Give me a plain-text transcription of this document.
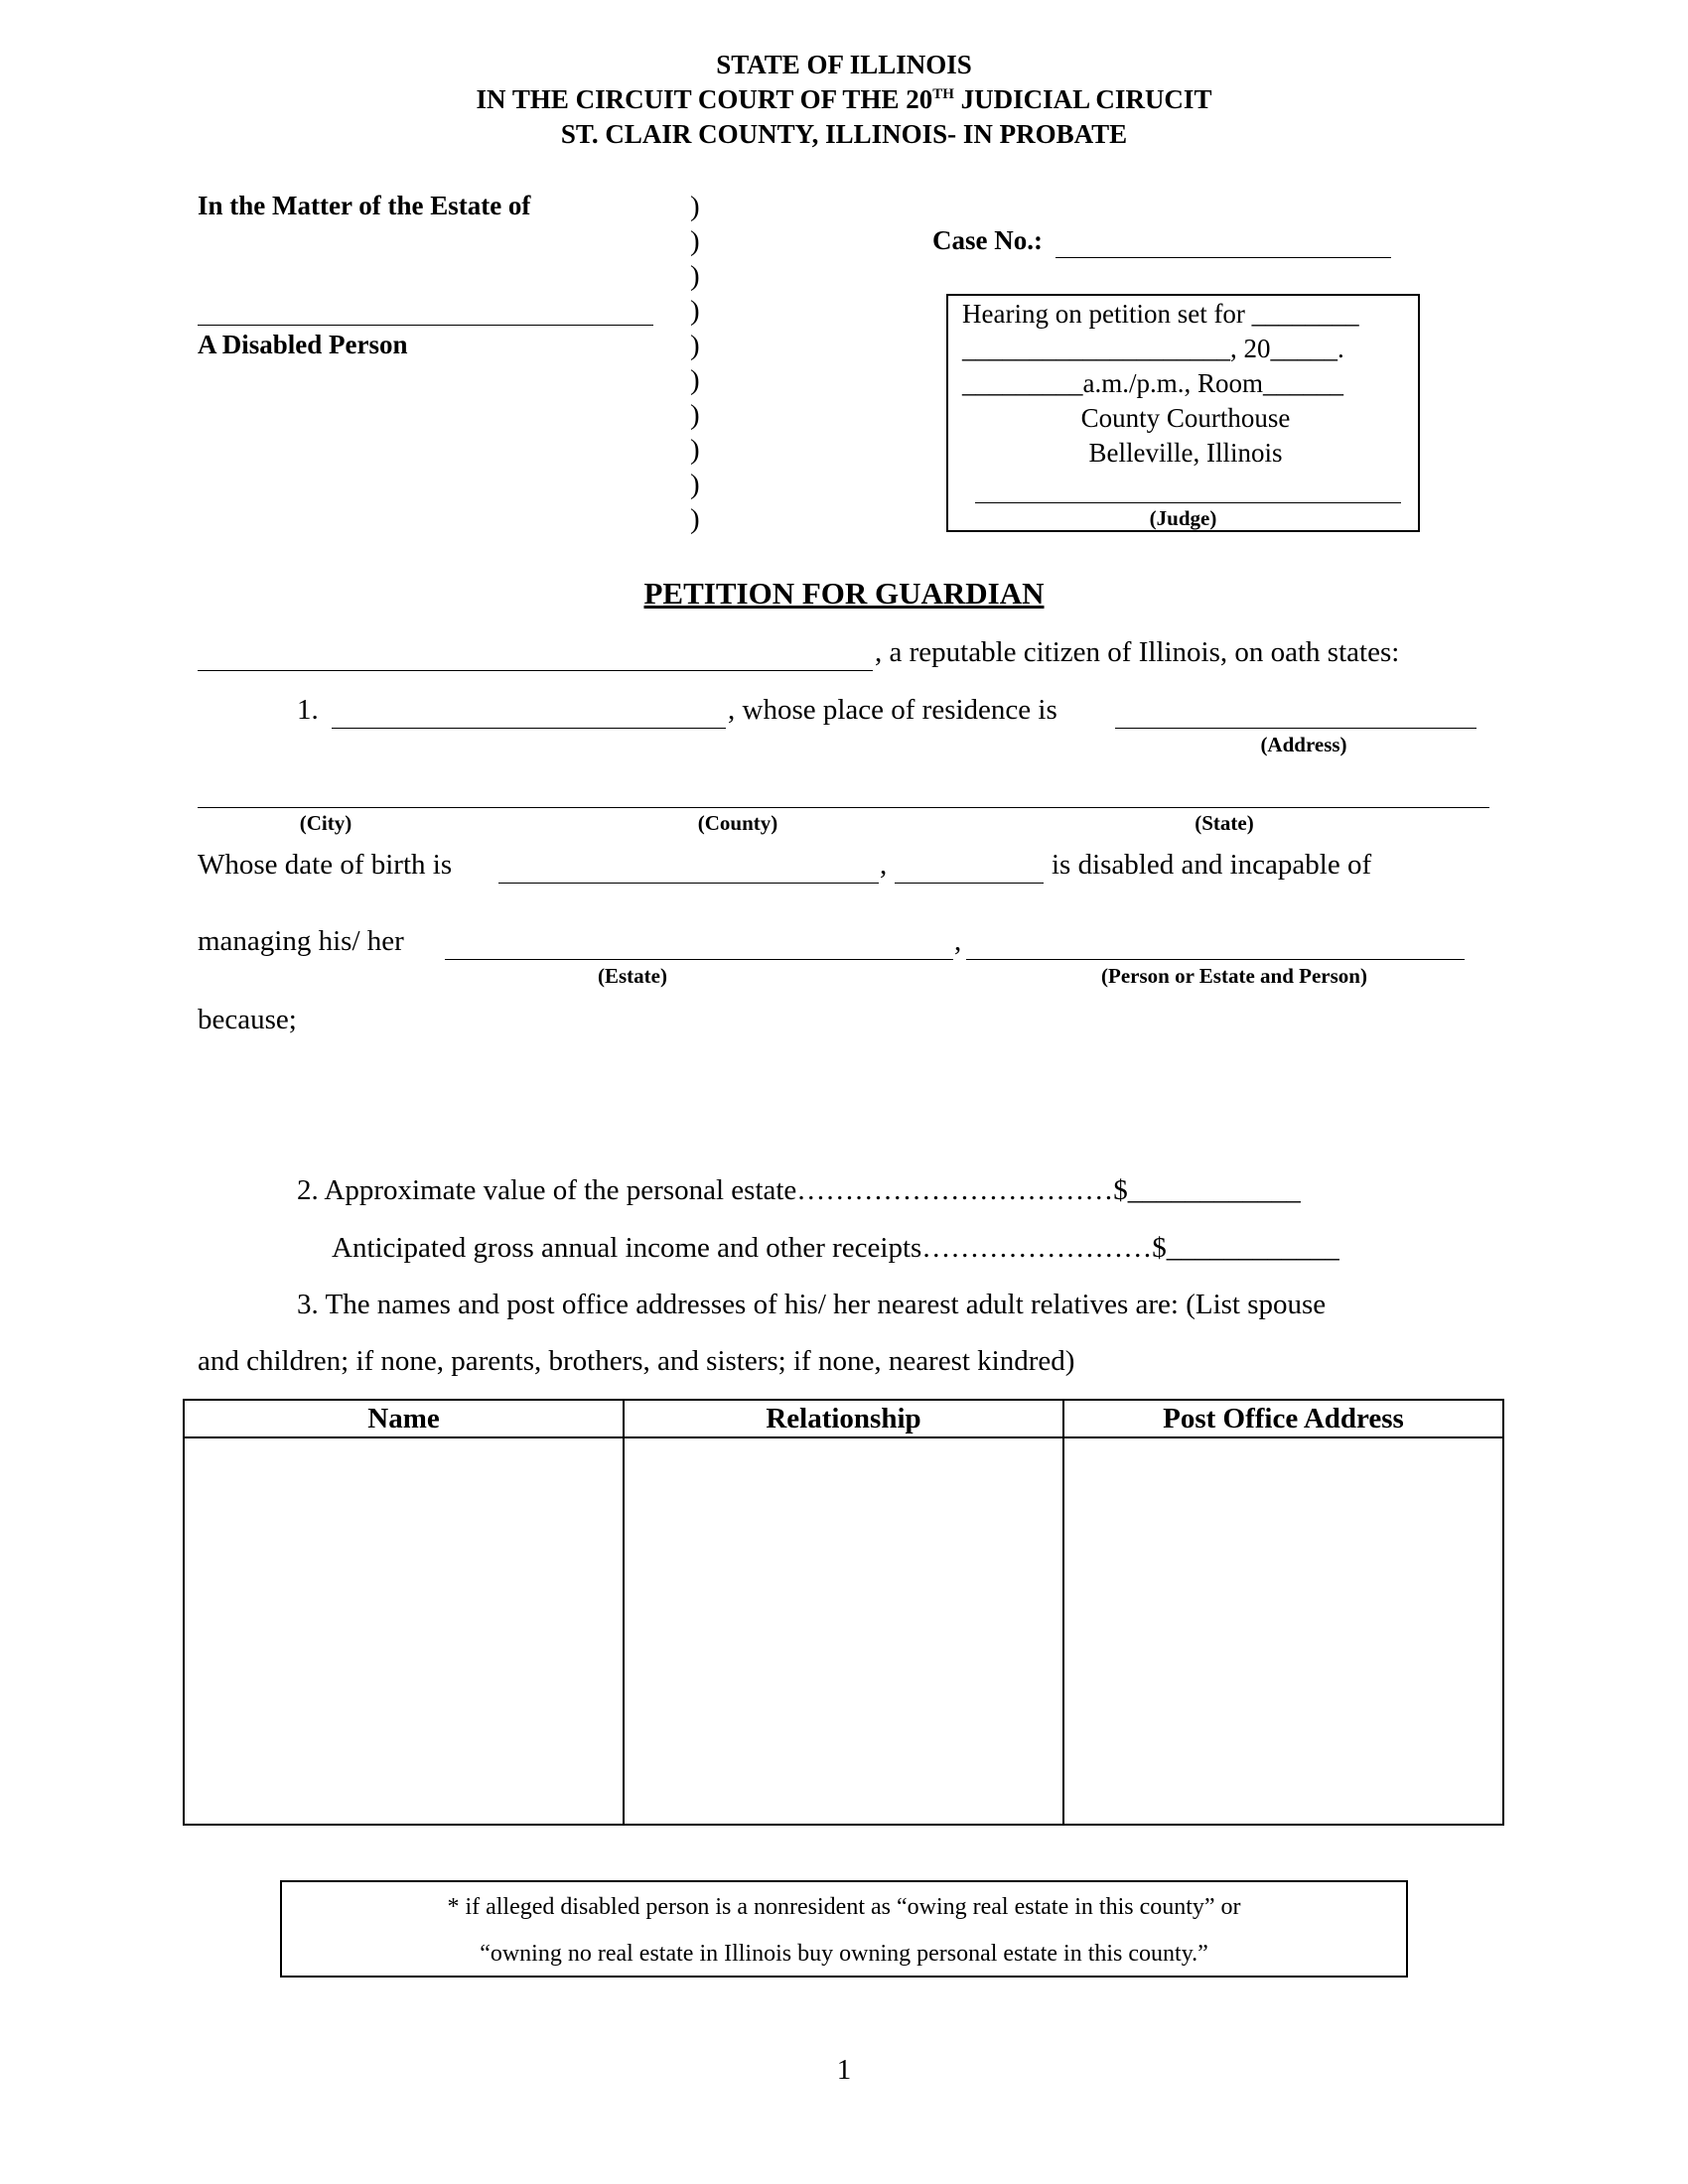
STATE OF ILLINOIS
IN THE CIRCUIT COURT OF THE 20TH JUDICIAL CIRUCIT
ST. CLAIR COUNTY, ILLINOIS- IN PROBATE
In the Matter of the Estate of
A Disabled Person
)
)
)
)
)
)
)
)
)
)
Case No.:
Hearing on petition set for ________
____________________, 20_____.
_________a.m./p.m., Room______
County Courthouse
Belleville, Illinois
(Judge)
PETITION FOR GUARDIAN
, a reputable citizen of Illinois, on oath states:
1.	, whose place of residence is
(Address)
(City)	(County)	(State)
Whose date of birth is	,	is disabled and incapable of
managing his/ her	,
(Estate)	(Person or Estate and Person)
because;
2. Approximate value of the personal estate……………………………$____________
Anticipated gross annual income and other receipts……………………$____________
3. The names and post office addresses of his/ her nearest adult relatives are: (List spouse
and children; if none, parents, brothers, and sisters; if none, nearest kindred)
Name	Relationship	Post Office Address

* if alleged disabled person is a nonresident as “owing real estate in this county” or
“owning no real estate in Illinois buy owning personal estate in this county.”
1
